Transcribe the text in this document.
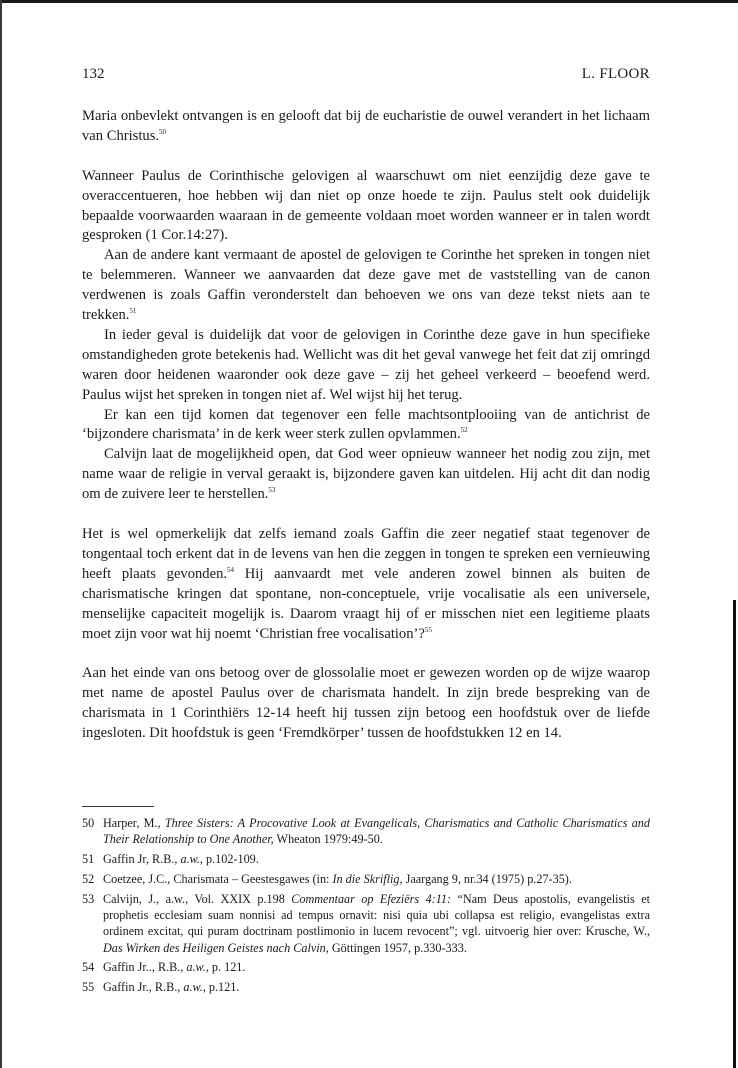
132	L. FLOOR

Maria onbevlekt ontvangen is en gelooft dat bij de eucharistie de ouwel verandert in het lichaam van Christus.$^{50}$

Wanneer Paulus de Corinthische gelovigen al waarschuwt om niet eenzijdig deze gave te overaccentueren, hoe hebben wij dan niet op onze hoede te zijn. Paulus stelt ook duidelijk bepaalde voorwaarden waaraan in de gemeente voldaan moet worden wanneer er in talen wordt gesproken (1 Cor.14:27).

Aan de andere kant vermaant de apostel de gelovigen te Corinthe het spreken in tongen niet te belemmeren. Wanneer we aanvaarden dat deze gave met de vaststelling van de canon verdwenen is zoals Gaffin veronderstelt dan behoeven we ons van deze tekst niets aan te trekken.$^{51}$

In ieder geval is duidelijk dat voor de gelovigen in Corinthe deze gave in hun specifieke omstandigheden grote betekenis had. Wellicht was dit het geval vanwege het feit dat zij omringd waren door heidenen waaronder ook deze gave – zij het geheel verkeerd – beoefend werd. Paulus wijst het spreken in tongen niet af. Wel wijst hij het terug.

Er kan een tijd komen dat tegenover een felle machtsontplooiing van de antichrist de ‘bijzondere charismata’ in de kerk weer sterk zullen opvlammen.$^{52}$

Calvijn laat de mogelijkheid open, dat God weer opnieuw wanneer het nodig zou zijn, met name waar de religie in verval geraakt is, bijzondere gaven kan uitdelen. Hij acht dit dan nodig om de zuivere leer te herstellen.$^{53}$

Het is wel opmerkelijk dat zelfs iemand zoals Gaffin die zeer negatief staat tegenover de tongentaal toch erkent dat in de levens van hen die zeggen in tongen te spreken een vernieuwing heeft plaats gevonden.$^{54}$ Hij aanvaardt met vele anderen zowel binnen als buiten de charismatische kringen dat spontane, non-conceptuele, vrije vocalisatie als een universele, menselijke capaciteit mogelijk is. Daarom vraagt hij of er misschen niet een legitieme plaats moet zijn voor wat hij noemt ‘Christian free vocalisation’?$^{55}$

Aan het einde van ons betoog over de glossolalie moet er gewezen worden op de wijze waarop met name de apostel Paulus over de charismata handelt. In zijn brede bespreking van de charismata in 1 Corinthiërs 12-14 heeft hij tussen zijn betoog een hoofdstuk over de liefde ingesloten. Dit hoofdstuk is geen ‘Fremdkörper’ tussen de hoofdstukken 12 en 14.

50 Harper, M., Three Sisters: A Procovative Look at Evangelicals, Charismatics and Catholic Charismatics and Their Relationship to One Another, Wheaton 1979:49-50.
51 Gaffin Jr, R.B., a.w., p.102-109.
52 Coetzee, J.C., Charismata – Geestesgawes (in: In die Skriflig, Jaargang 9, nr.34 (1975) p.27-35).
53 Calvijn, J., a.w., Vol. XXIX p.198 Commentaar op Efeziërs 4:11: “Nam Deus apostolis, evangelistis et prophetis ecclesiam suam nonnisi ad tempus ornavit: nisi quia ubi collapsa est religio, evangelistas extra ordinem excitat, qui puram doctrinam postlimonio in lucem revocent”; vgl. uitvoerig hier over: Krusche, W., Das Wirken des Heiligen Geistes nach Calvin, Göttingen 1957, p.330-333.
54 Gaffin Jr.., R.B., a.w., p. 121.
55 Gaffin Jr., R.B., a.w., p.121.
